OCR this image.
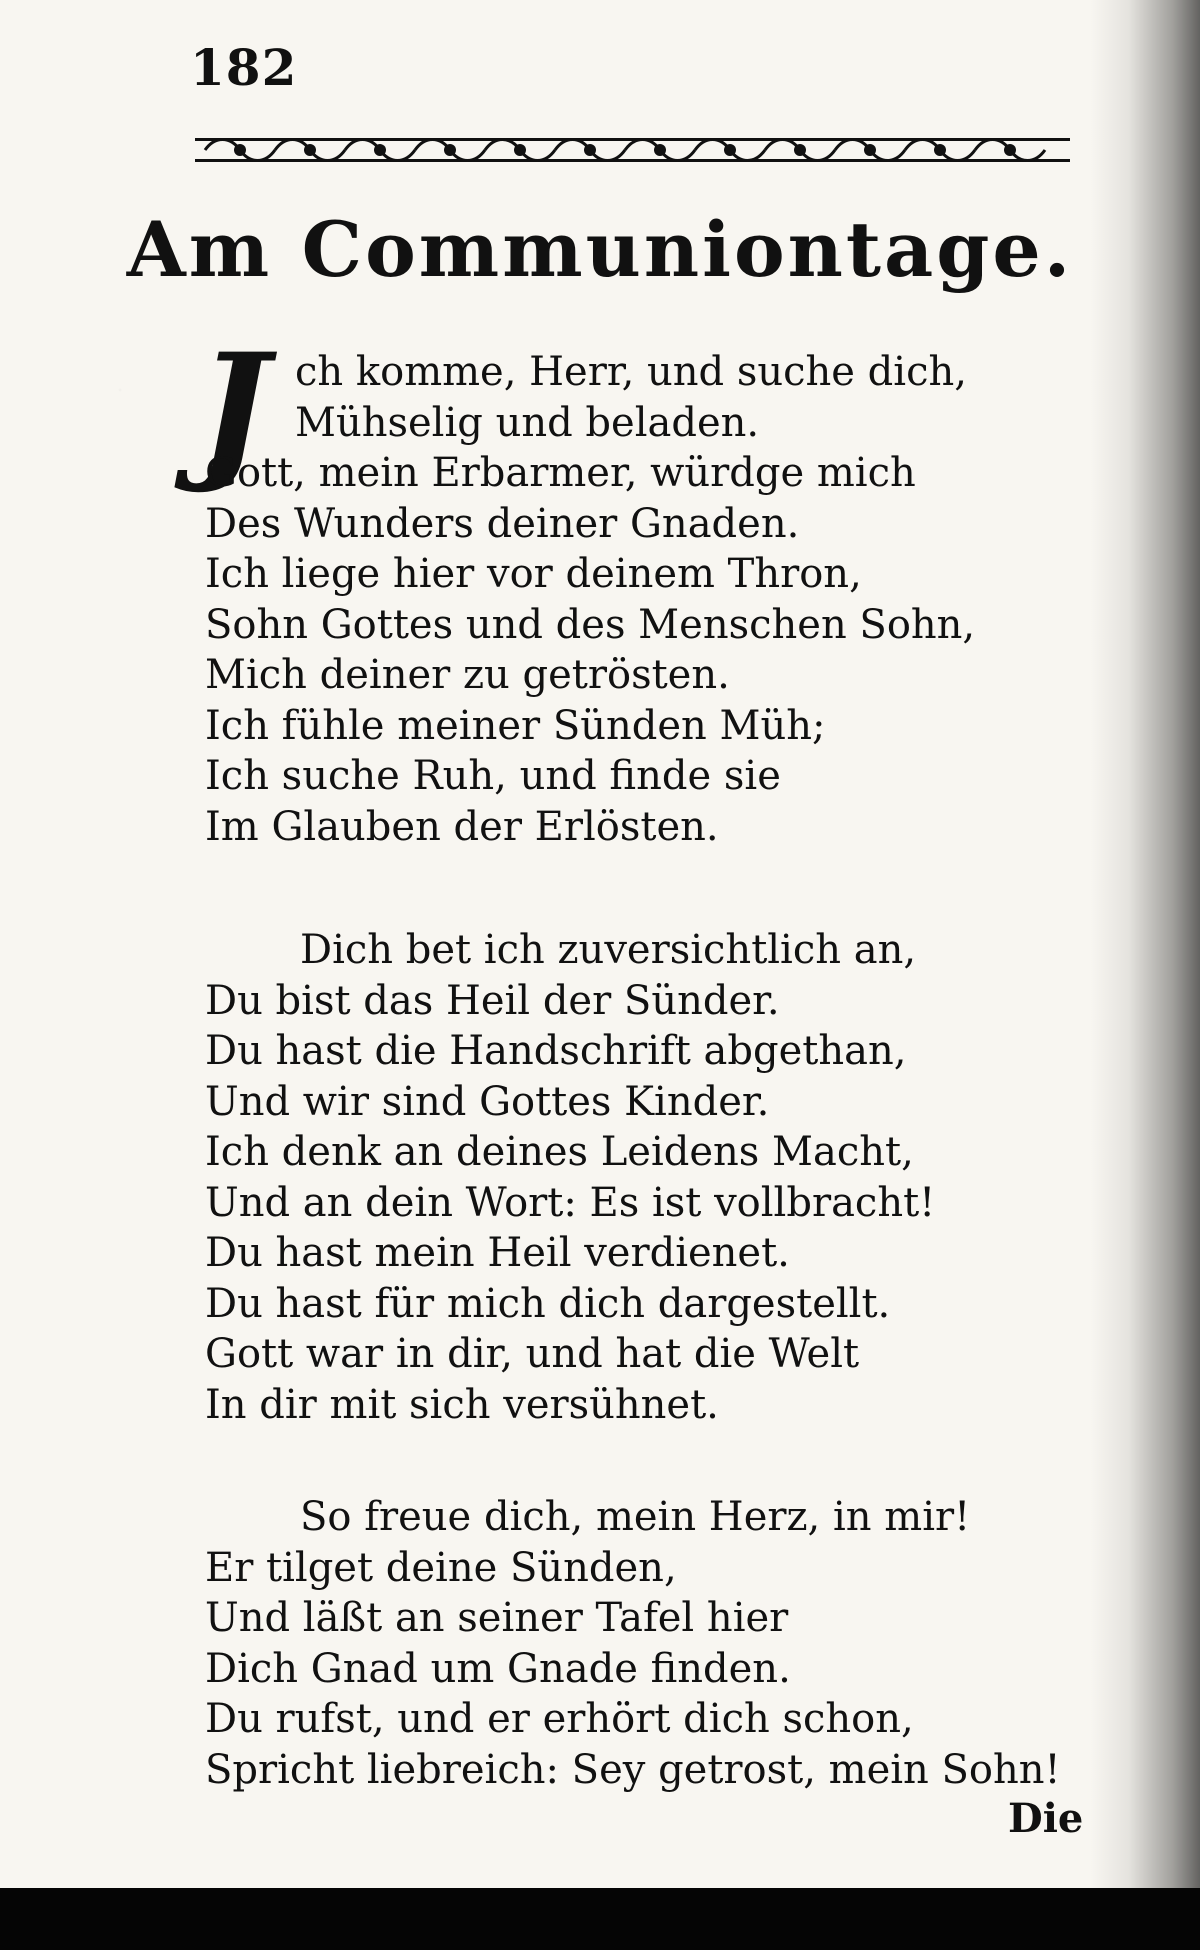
182
Am Communiontage.
J ch komme, Herr, und suche dich,
Mühselig und beladen.
Gott, mein Erbarmer, würdge mich
Des Wunders deiner Gnaden.
Ich liege hier vor deinem Thron,
Sohn Gottes und des Menschen Sohn,
Mich deiner zu getrösten.
Ich fühle meiner Sünden Müh;
Ich suche Ruh, und finde sie
Im Glauben der Erlösten.
Dich bet ich zuversichtlich an,
Du bist das Heil der Sünder.
Du hast die Handschrift abgethan,
Und wir sind Gottes Kinder.
Ich denk an deines Leidens Macht,
Und an dein Wort: Es ist vollbracht!
Du hast mein Heil verdienet.
Du hast für mich dich dargestellt.
Gott war in dir, und hat die Welt
In dir mit sich versühnet.
So freue dich, mein Herz, in mir!
Er tilget deine Sünden,
Und läßt an seiner Tafel hier
Dich Gnad um Gnade finden.
Du rufst, und er erhört dich schon,
Spricht liebreich: Sey getrost, mein Sohn!
Die
